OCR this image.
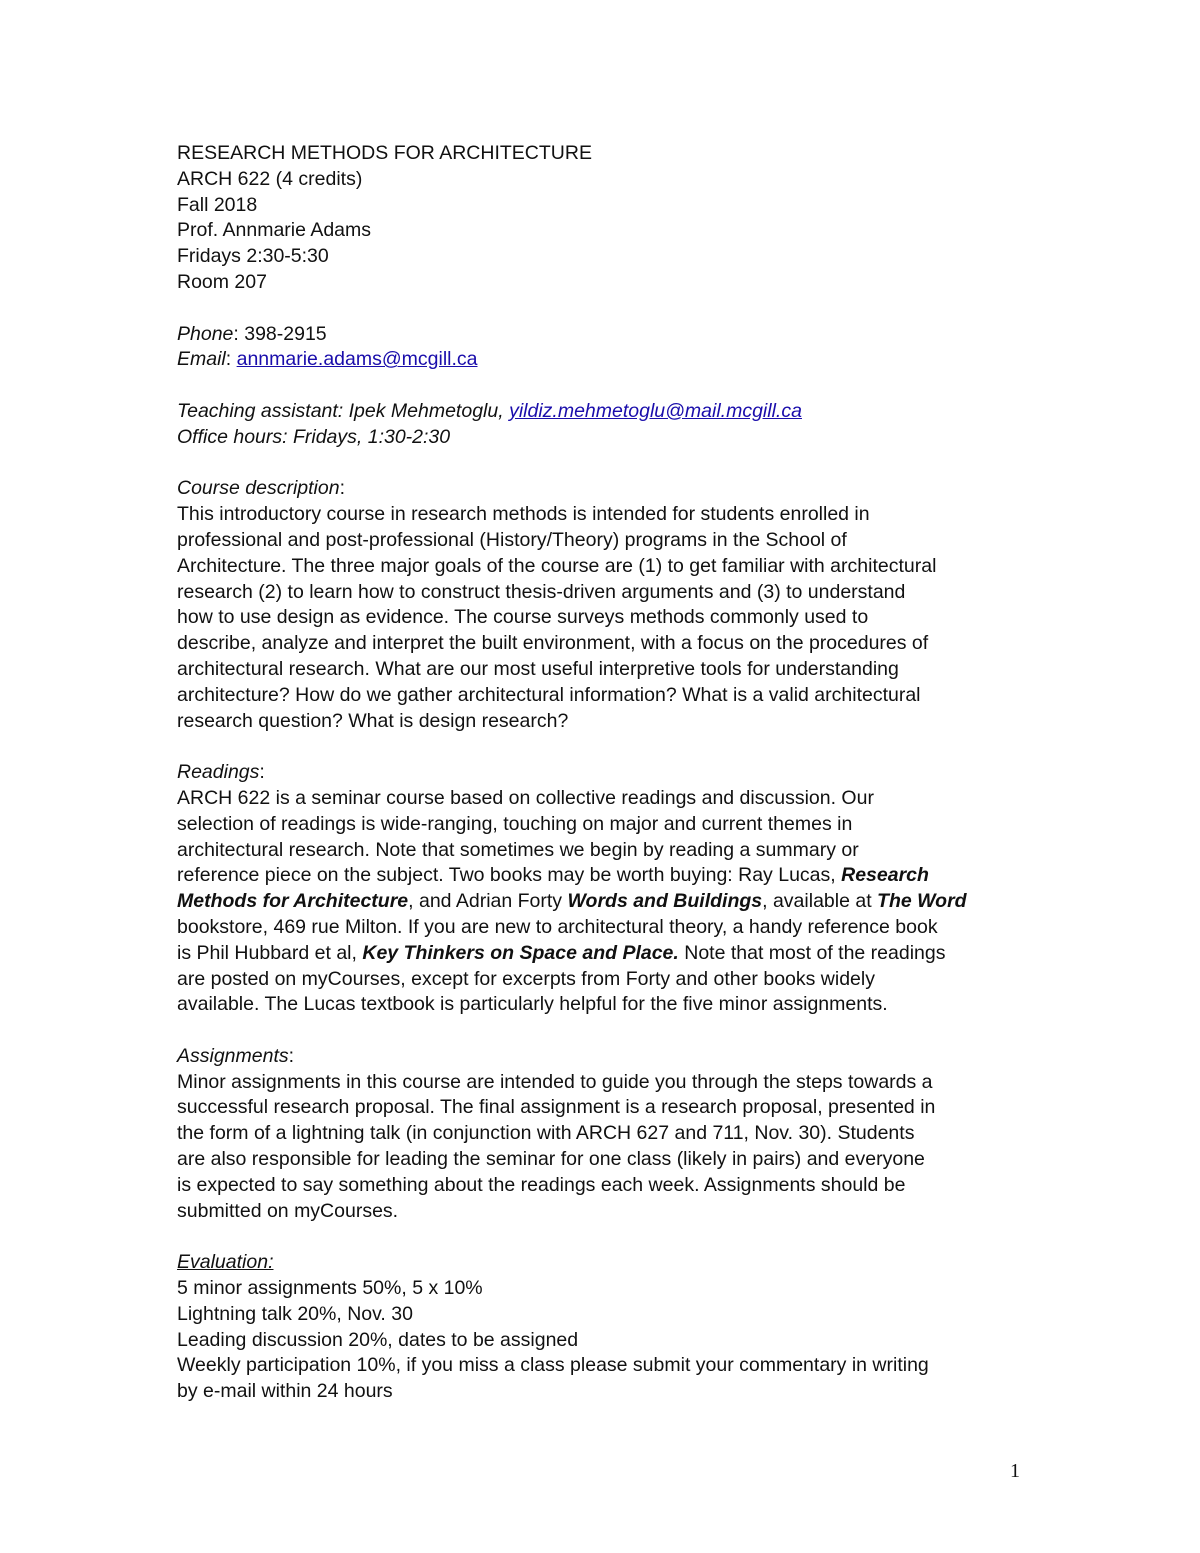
RESEARCH METHODS FOR ARCHITECTURE
ARCH 622 (4 credits)
Fall 2018
Prof. Annmarie Adams
Fridays 2:30-5:30
Room 207
Phone: 398-2915
Email: annmarie.adams@mcgill.ca
Teaching assistant: Ipek Mehmetoglu, yildiz.mehmetoglu@mail.mcgill.ca
Office hours: Fridays, 1:30-2:30
Course description:
This introductory course in research methods is intended for students enrolled in
professional and post-professional (History/Theory) programs in the School of
Architecture. The three major goals of the course are (1) to get familiar with architectural
research (2) to learn how to construct thesis-driven arguments and (3) to understand
how to use design as evidence. The course surveys methods commonly used to
describe, analyze and interpret the built environment, with a focus on the procedures of
architectural research. What are our most useful interpretive tools for understanding
architecture? How do we gather architectural information? What is a valid architectural
research question? What is design research?
Readings:
ARCH 622 is a seminar course based on collective readings and discussion. Our
selection of readings is wide-ranging, touching on major and current themes in
architectural research. Note that sometimes we begin by reading a summary or
reference piece on the subject. Two books may be worth buying: Ray Lucas, Research
Methods for Architecture, and Adrian Forty Words and Buildings, available at The Word
bookstore, 469 rue Milton. If you are new to architectural theory, a handy reference book
is Phil Hubbard et al, Key Thinkers on Space and Place. Note that most of the readings
are posted on myCourses, except for excerpts from Forty and other books widely
available. The Lucas textbook is particularly helpful for the five minor assignments.
Assignments:
Minor assignments in this course are intended to guide you through the steps towards a
successful research proposal. The final assignment is a research proposal, presented in
the form of a lightning talk (in conjunction with ARCH 627 and 711, Nov. 30). Students
are also responsible for leading the seminar for one class (likely in pairs) and everyone
is expected to say something about the readings each week. Assignments should be
submitted on myCourses.
Evaluation:
5 minor assignments 50%, 5 x 10%
Lightning talk 20%, Nov. 30
Leading discussion 20%, dates to be assigned
Weekly participation 10%, if you miss a class please submit your commentary in writing
by e-mail within 24 hours
1
